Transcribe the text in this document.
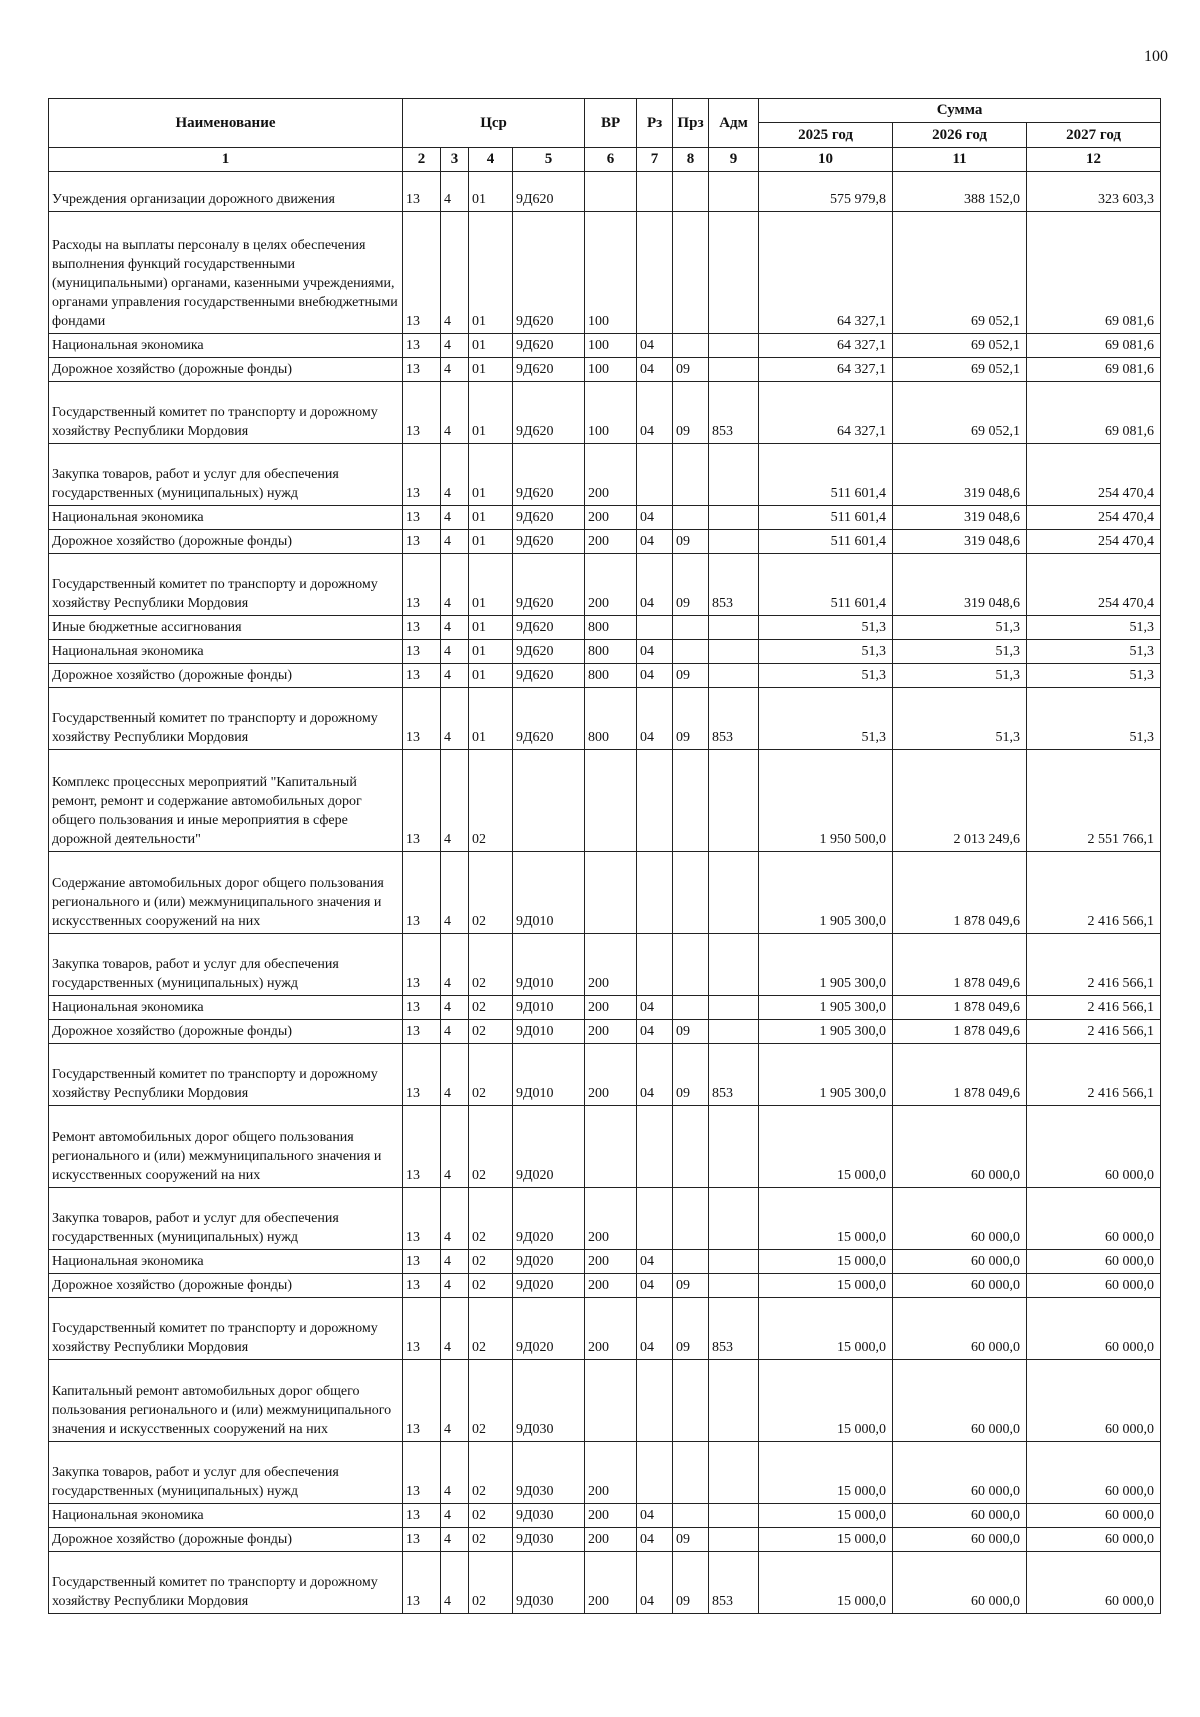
100
Наименование	Цср				ВР	Рз	Прз	Адм	Сумма		
									2025 год	2026 год	2027 год
1	2	3	4	5	6	7	8	9	10	11	12
Учреждения организации дорожного движения	13	4	01	9Д620					575 979,8	388 152,0	323 603,3
Расходы на выплаты персоналу в целях обеспечения выполнения функций государственными (муниципальными) органами, казенными учреждениями, органами управления государственными внебюджетными фондами	13	4	01	9Д620	100				64 327,1	69 052,1	69 081,6
Национальная экономика	13	4	01	9Д620	100	04			64 327,1	69 052,1	69 081,6
Дорожное хозяйство (дорожные фонды)	13	4	01	9Д620	100	04	09		64 327,1	69 052,1	69 081,6
Государственный комитет по транспорту и дорожному хозяйству Республики Мордовия	13	4	01	9Д620	100	04	09	853	64 327,1	69 052,1	69 081,6
Закупка товаров, работ и услуг для обеспечения государственных (муниципальных) нужд	13	4	01	9Д620	200				511 601,4	319 048,6	254 470,4
Национальная экономика	13	4	01	9Д620	200	04			511 601,4	319 048,6	254 470,4
Дорожное хозяйство (дорожные фонды)	13	4	01	9Д620	200	04	09		511 601,4	319 048,6	254 470,4
Государственный комитет по транспорту и дорожному хозяйству Республики Мордовия	13	4	01	9Д620	200	04	09	853	511 601,4	319 048,6	254 470,4
Иные бюджетные ассигнования	13	4	01	9Д620	800				51,3	51,3	51,3
Национальная экономика	13	4	01	9Д620	800	04			51,3	51,3	51,3
Дорожное хозяйство (дорожные фонды)	13	4	01	9Д620	800	04	09		51,3	51,3	51,3
Государственный комитет по транспорту и дорожному хозяйству Республики Мордовия	13	4	01	9Д620	800	04	09	853	51,3	51,3	51,3
Комплекс процессных мероприятий "Капитальный ремонт, ремонт и содержание автомобильных дорог общего пользования и иные мероприятия в сфере дорожной деятельности"	13	4	02						1 950 500,0	2 013 249,6	2 551 766,1
Содержание автомобильных дорог общего пользования регионального и (или) межмуниципального значения и искусственных сооружений на них	13	4	02	9Д010					1 905 300,0	1 878 049,6	2 416 566,1
Закупка товаров, работ и услуг для обеспечения государственных (муниципальных) нужд	13	4	02	9Д010	200				1 905 300,0	1 878 049,6	2 416 566,1
Национальная экономика	13	4	02	9Д010	200	04			1 905 300,0	1 878 049,6	2 416 566,1
Дорожное хозяйство (дорожные фонды)	13	4	02	9Д010	200	04	09		1 905 300,0	1 878 049,6	2 416 566,1
Государственный комитет по транспорту и дорожному хозяйству Республики Мордовия	13	4	02	9Д010	200	04	09	853	1 905 300,0	1 878 049,6	2 416 566,1
Ремонт автомобильных дорог общего пользования регионального и (или) межмуниципального значения и искусственных сооружений на них	13	4	02	9Д020					15 000,0	60 000,0	60 000,0
Закупка товаров, работ и услуг для обеспечения государственных (муниципальных) нужд	13	4	02	9Д020	200				15 000,0	60 000,0	60 000,0
Национальная экономика	13	4	02	9Д020	200	04			15 000,0	60 000,0	60 000,0
Дорожное хозяйство (дорожные фонды)	13	4	02	9Д020	200	04	09		15 000,0	60 000,0	60 000,0
Государственный комитет по транспорту и дорожному хозяйству Республики Мордовия	13	4	02	9Д020	200	04	09	853	15 000,0	60 000,0	60 000,0
Капитальный ремонт автомобильных дорог общего пользования регионального и (или) межмуниципального значения и искусственных сооружений на них	13	4	02	9Д030					15 000,0	60 000,0	60 000,0
Закупка товаров, работ и услуг для обеспечения государственных (муниципальных) нужд	13	4	02	9Д030	200				15 000,0	60 000,0	60 000,0
Национальная экономика	13	4	02	9Д030	200	04			15 000,0	60 000,0	60 000,0
Дорожное хозяйство (дорожные фонды)	13	4	02	9Д030	200	04	09		15 000,0	60 000,0	60 000,0
Государственный комитет по транспорту и дорожному хозяйству Республики Мордовия	13	4	02	9Д030	200	04	09	853	15 000,0	60 000,0	60 000,0
